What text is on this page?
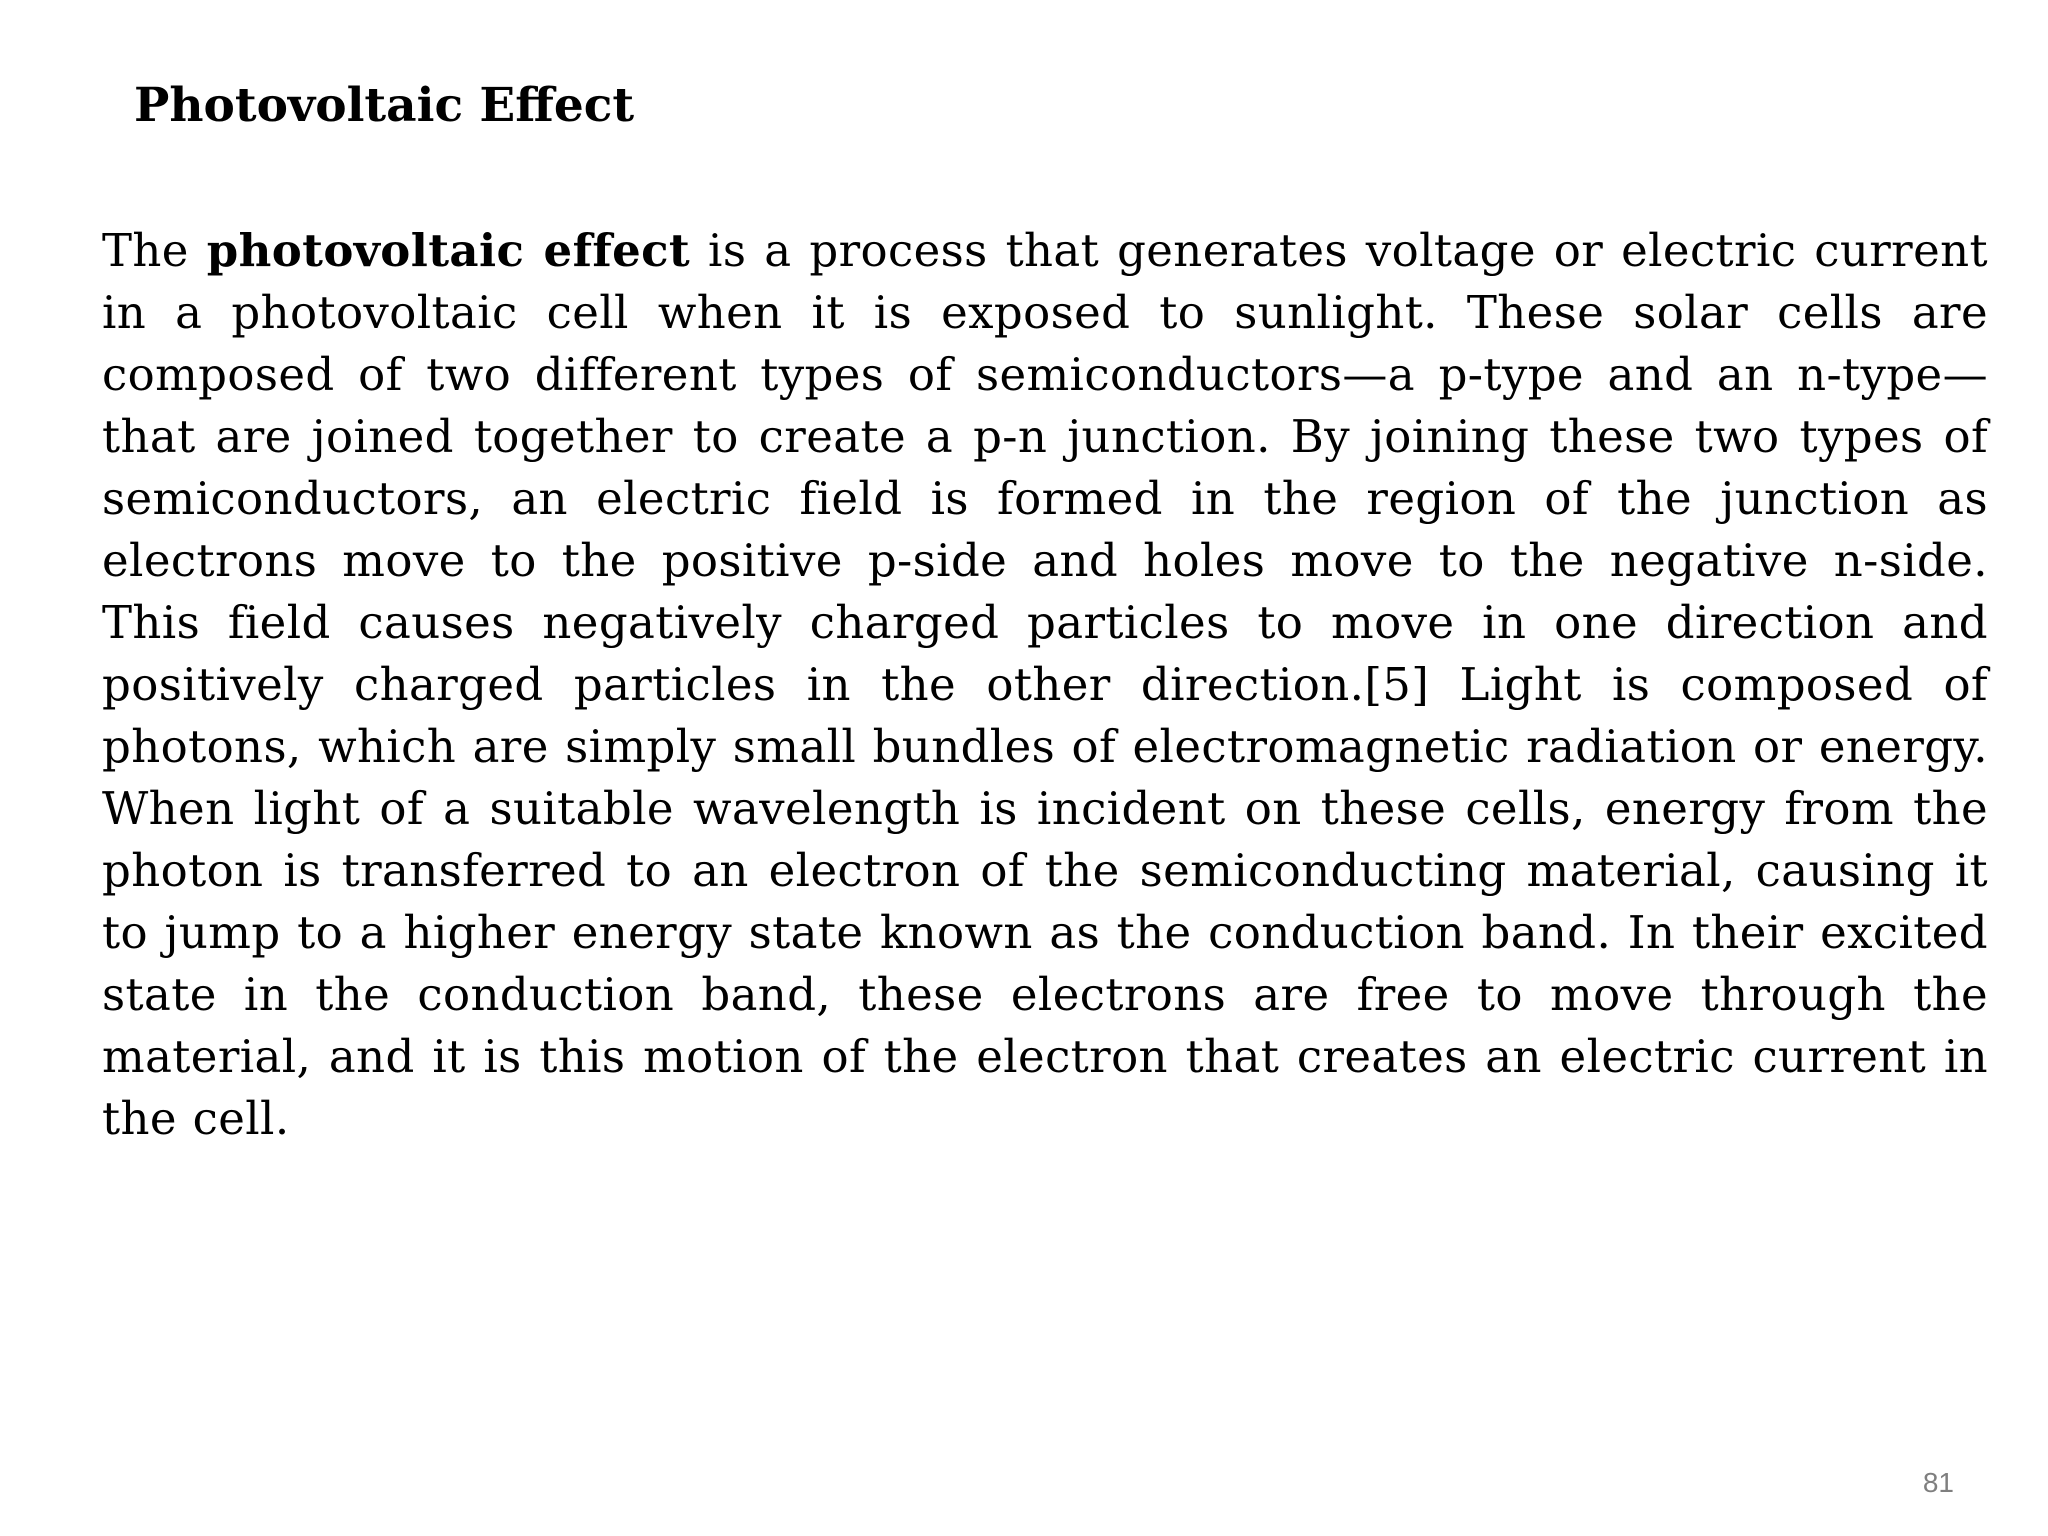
Photovoltaic Effect

The photovoltaic effect is a process that generates voltage or electric current in a photovoltaic cell when it is exposed to sunlight. These solar cells are composed of two different types of semiconductors—a p-type and an n-type—that are joined together to create a p-n junction. By joining these two types of semiconductors, an electric field is formed in the region of the junction as electrons move to the positive p-side and holes move to the negative n-side. This field causes negatively charged particles to move in one direction and positively charged particles in the other direction.[5] Light is composed of photons, which are simply small bundles of electromagnetic radiation or energy. When light of a suitable wavelength is incident on these cells, energy from the photon is transferred to an electron of the semiconducting material, causing it to jump to a higher energy state known as the conduction band. In their excited state in the conduction band, these electrons are free to move through the material, and it is this motion of the electron that creates an electric current in the cell.

81
